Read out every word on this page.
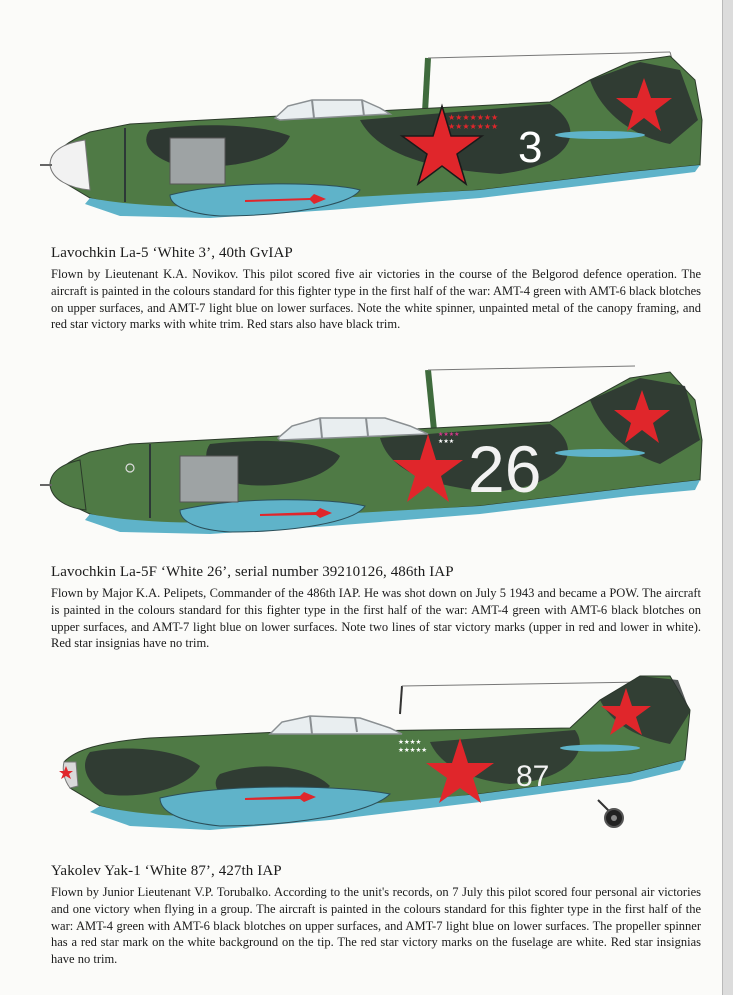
★★★★★★★ ★★★★★★★ 3

Lavochkin La-5 ‘White 3’, 40th GvIAP

Flown by Lieutenant K.A. Novikov. This pilot scored five air victories in the course of the Belgorod defence operation. The aircraft is painted in the colours standard for this fighter type in the first half of the war: AMT-4 green with AMT-6 black blotches on upper surfaces, and AMT-7 light blue on lower surfaces. Note the white spinner, unpainted metal of the canopy framing, and red star victory marks with white trim. Red stars also have black trim.

★★★★ ★★★ 26

Lavochkin La-5F ‘White 26’, serial number 39210126, 486th IAP

Flown by Major K.A. Pelipets, Commander of the 486th IAP. He was shot down on July 5 1943 and became a POW. The aircraft is painted in the colours standard for this fighter type in the first half of the war: AMT-4 green with AMT-6 black blotches on upper surfaces, and AMT-7 light blue on lower surfaces. Note two lines of star victory marks (upper in red and lower in white). Red star insignias have no trim.

★★★★ ★★★★★
87

Yakolev Yak-1 ‘White 87’, 427th IAP

Flown by Junior Lieutenant V.P. Torubalko. According to the unit's records, on 7 July this pilot scored four personal air victories and one victory when flying in a group. The aircraft is painted in the colours standard for this fighter type in the first half of the war: AMT-4 green with AMT-6 black blotches on upper surfaces, and AMT-7 light blue on lower surfaces. The propeller spinner has a red star mark on the white background on the tip. The red star victory marks on the fuselage are white. Red star insignias have no trim.
